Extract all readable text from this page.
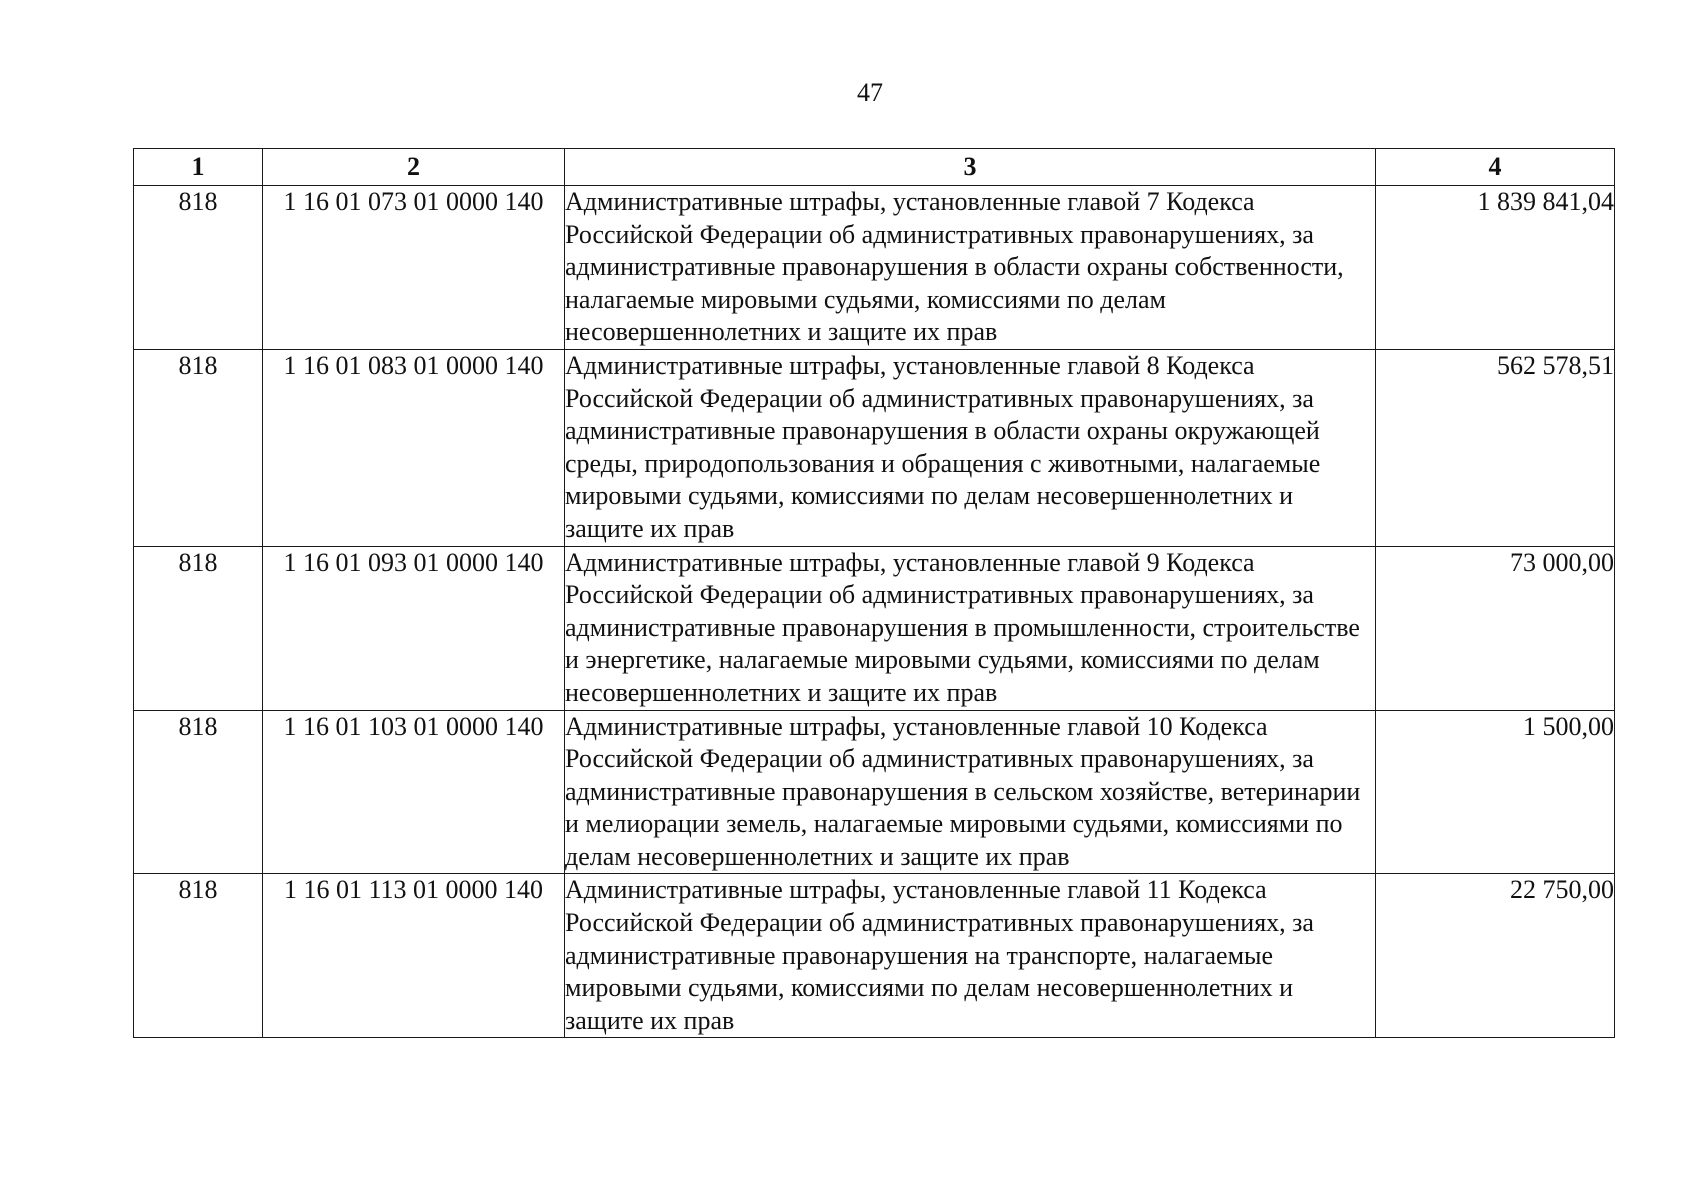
47
1	2	3	4
818	1 16 01 073 01 0000 140	Административные штрафы, установленные главой 7 Кодекса Российской Федерации об административных правонарушениях, за административные правонарушения в области охраны собственности, налагаемые мировыми судьями, комиссиями по делам несовершеннолетних и защите их прав	1 839 841,04
818	1 16 01 083 01 0000 140	Административные штрафы, установленные главой 8 Кодекса Российской Федерации об административных правонарушениях, за административные правонарушения в области охраны окружающей среды, природопользования и обращения с животными, налагаемые мировыми судьями, комиссиями по делам несовершеннолетних и защите их прав	562 578,51
818	1 16 01 093 01 0000 140	Административные штрафы, установленные главой 9 Кодекса Российской Федерации об административных правонарушениях, за административные правонарушения в промышленности, строительстве и энергетике, налагаемые мировыми судьями, комиссиями по делам несовершеннолетних и защите их прав	73 000,00
818	1 16 01 103 01 0000 140	Административные штрафы, установленные главой 10 Кодекса Российской Федерации об административных правонарушениях, за административные правонарушения в сельском хозяйстве, ветеринарии и мелиорации земель, налагаемые мировыми судьями, комиссиями по делам несовершеннолетних и защите их прав	1 500,00
818	1 16 01 113 01 0000 140	Административные штрафы, установленные главой 11 Кодекса Российской Федерации об административных правонарушениях, за административные правонарушения на транспорте, налагаемые мировыми судьями, комиссиями по делам несовершеннолетних и защите их прав	22 750,00
